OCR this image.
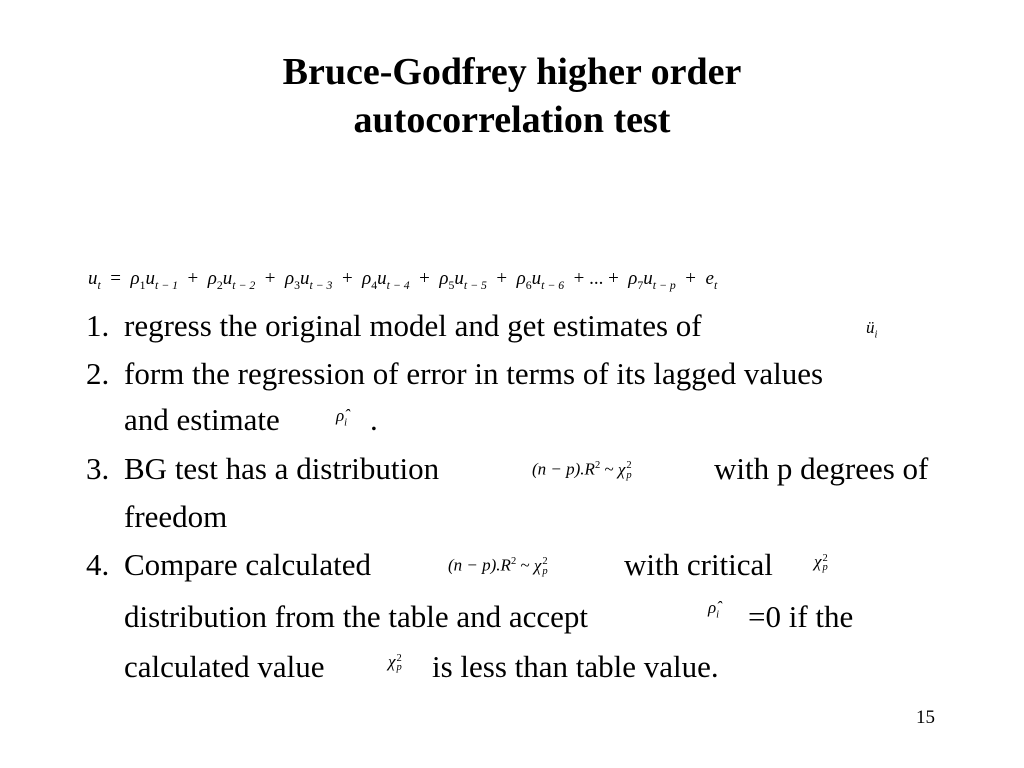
Bruce-Godfrey higher order
autocorrelation test
$u_t = \rho_1u_{t - 1} + \rho_2u_{t - 2} + \rho_3u_{t - 3} + \rho_4u_{t - 4} + \rho_5u_{t - 5} + \rho_6u_{t - 6}$  + ... +  $\rho_7u_{t - p} + e_t$
1. regress the original model and get estimates of	$ü_i$
2. form the regression of error in terms of its lagged values
and estimate	$\rhô_i$ .
3. BG test has a distribution	$(n - p).R^2$ ~ χ 2
p	with p degrees of
freedom
4. Compare calculated	$(n - p).R^2$ ~ χ 2
p with critical χ 2
p
distribution from the table and accept	$\rhô_i =0$ if the
calculated value	χ 2
p is less than table value.
15
